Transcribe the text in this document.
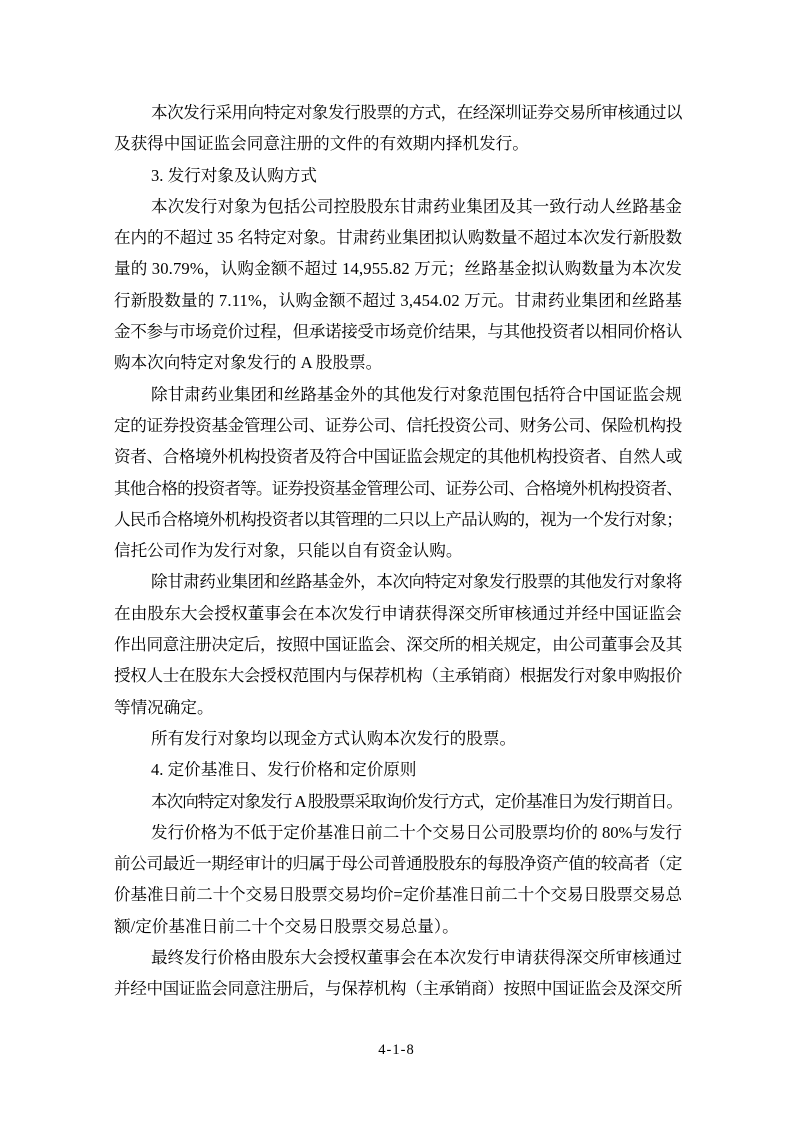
本次发行采用向特定对象发行股票的方式，在经深圳证券交易所审核通过以
及获得中国证监会同意注册的文件的有效期内择机发行。
3. 发行对象及认购方式
本次发行对象为包括公司控股股东甘肃药业集团及其一致行动人丝路基金
在内的不超过 35 名特定对象。甘肃药业集团拟认购数量不超过本次发行新股数
量的 30.79%，认购金额不超过 14,955.82 万元；丝路基金拟认购数量为本次发
行新股数量的 7.11%，认购金额不超过 3,454.02 万元。甘肃药业集团和丝路基
金不参与市场竞价过程，但承诺接受市场竞价结果，与其他投资者以相同价格认
购本次向特定对象发行的 A 股股票。
除甘肃药业集团和丝路基金外的其他发行对象范围包括符合中国证监会规
定的证券投资基金管理公司、证券公司、信托投资公司、财务公司、保险机构投
资者、合格境外机构投资者及符合中国证监会规定的其他机构投资者、自然人或
其他合格的投资者等。证券投资基金管理公司、证券公司、合格境外机构投资者、
人民币合格境外机构投资者以其管理的二只以上产品认购的，视为一个发行对象；
信托公司作为发行对象，只能以自有资金认购。
除甘肃药业集团和丝路基金外，本次向特定对象发行股票的其他发行对象将
在由股东大会授权董事会在本次发行申请获得深交所审核通过并经中国证监会
作出同意注册决定后，按照中国证监会、深交所的相关规定，由公司董事会及其
授权人士在股东大会授权范围内与保荐机构（主承销商）根据发行对象申购报价
等情况确定。
所有发行对象均以现金方式认购本次发行的股票。
4. 定价基准日、发行价格和定价原则
本次向特定对象发行 A 股股票采取询价发行方式，定价基准日为发行期首日。
发行价格为不低于定价基准日前二十个交易日公司股票均价的 80%与发行
前公司最近一期经审计的归属于母公司普通股股东的每股净资产值的较高者（定
价基准日前二十个交易日股票交易均价=定价基准日前二十个交易日股票交易总
额/定价基准日前二十个交易日股票交易总量）。
最终发行价格由股东大会授权董事会在本次发行申请获得深交所审核通过
并经中国证监会同意注册后，与保荐机构（主承销商）按照中国证监会及深交所
4-1-8
